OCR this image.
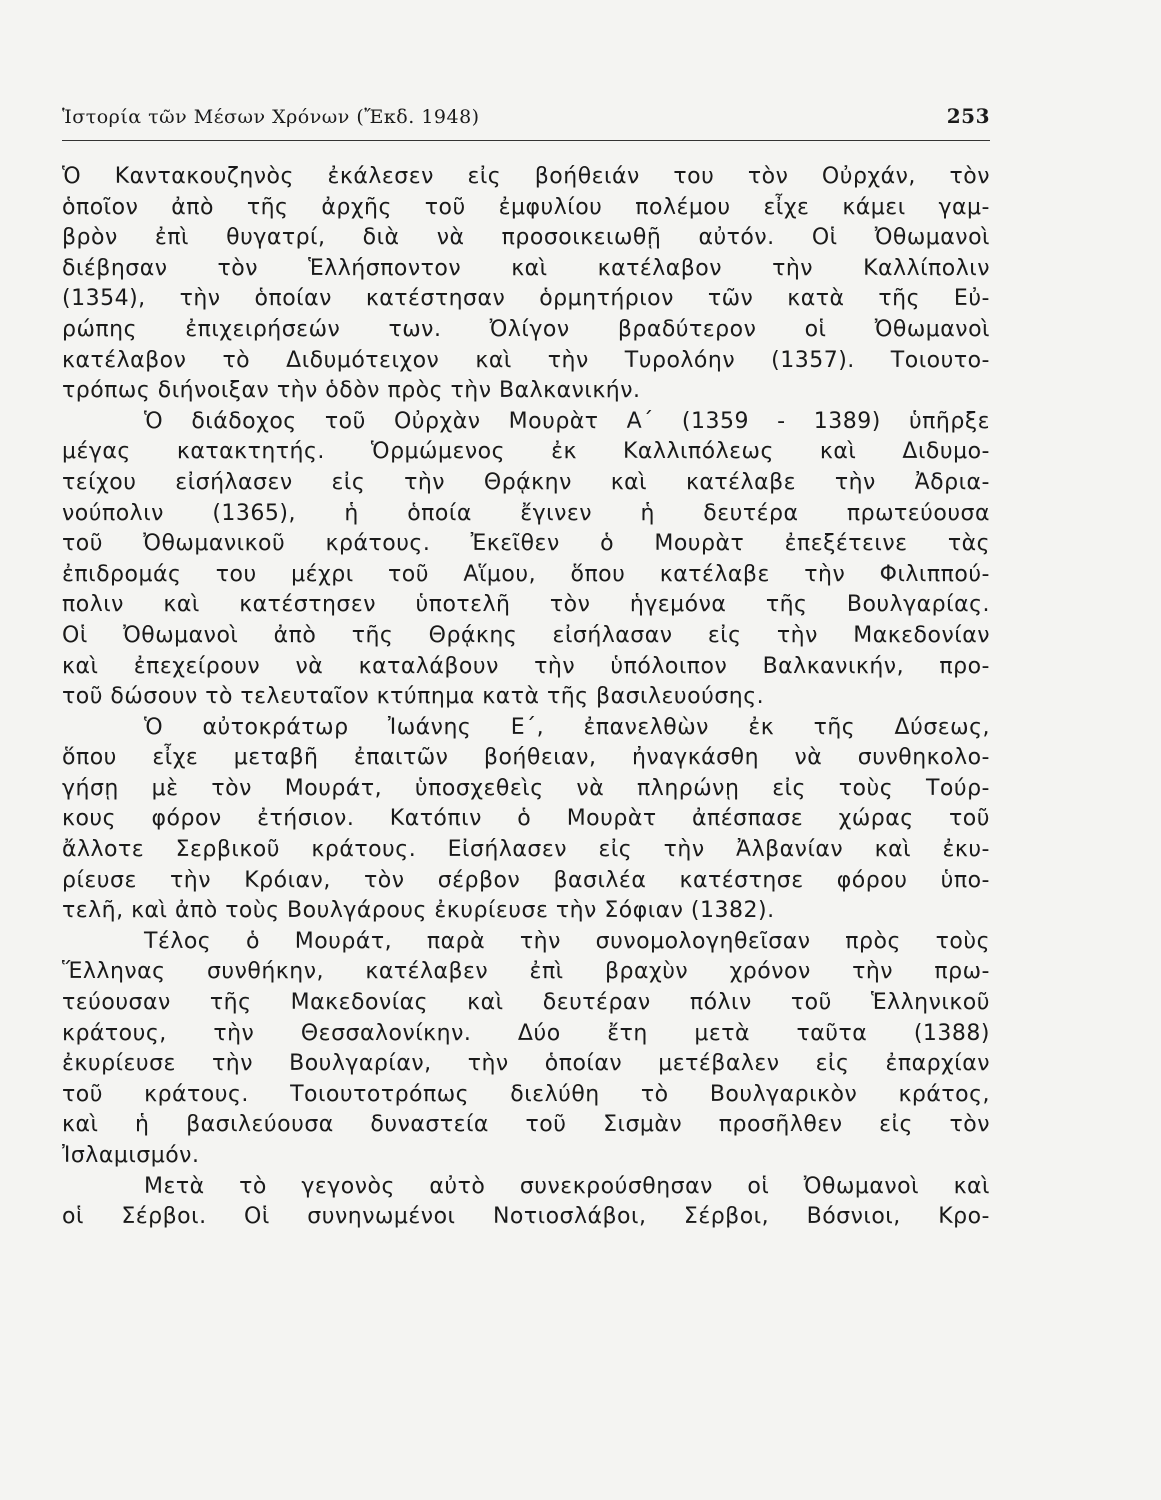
Ἱστορία τῶν Μέσων Χρόνων (Ἔκδ. 1948)	253
Ὁ Καντακουζηνὸς ἐκάλεσεν εἰς βοήθειάν του τὸν Οὐρχάν, τὸν
ὁποῖον ἀπὸ τῆς ἀρχῆς τοῦ ἐμφυλίου πολέμου εἶχε κάμει γαμ-
βρὸν ἐπὶ θυγατρί, διὰ νὰ προσοικειωθῇ αὐτόν. Οἱ Ὀθωμανοὶ
διέβησαν τὸν Ἑλλήσποντον καὶ κατέλαβον τὴν Καλλίπολιν
(1354), τὴν ὁποίαν κατέστησαν ὁρμητήριον τῶν κατὰ τῆς Εὐ-
ρώπης ἐπιχειρήσεών των. Ὀλίγον βραδύτερον οἱ Ὀθωμανοὶ
κατέλαβον τὸ Διδυμότειχον καὶ τὴν Τυρολόην (1357). Τοιουτο-
τρόπως διήνοιξαν τὴν ὁδὸν πρὸς τὴν Βαλκανικήν.
Ὁ διάδοχος τοῦ Οὐρχὰν Μουρὰτ Α΄ (1359 - 1389) ὑπῆρξε
μέγας κατακτητής. Ὁρμώμενος ἐκ Καλλιπόλεως καὶ Διδυμο-
τείχου εἰσήλασεν εἰς τὴν Θρᾴκην καὶ κατέλαβε τὴν Ἀδρια-
νούπολιν (1365), ἡ ὁποία ἔγινεν ἡ δευτέρα πρωτεύουσα
τοῦ Ὀθωμανικοῦ κράτους. Ἐκεῖθεν ὁ Μουρὰτ ἐπεξέτεινε τὰς
ἐπιδρομάς του μέχρι τοῦ Αἵμου, ὅπου κατέλαβε τὴν Φιλιππού-
πολιν καὶ κατέστησεν ὑποτελῆ τὸν ἡγεμόνα τῆς Βουλγαρίας.
Οἱ Ὀθωμανοὶ ἀπὸ τῆς Θρᾴκης εἰσήλασαν εἰς τὴν Μακεδονίαν
καὶ ἐπεχείρουν νὰ καταλάβουν τὴν ὑπόλοιπον Βαλκανικήν, προ-
τοῦ δώσουν τὸ τελευταῖον κτύπημα κατὰ τῆς βασιλευούσης.
Ὁ αὐτοκράτωρ Ἰωάνης Ε΄, ἐπανελθὼν ἐκ τῆς Δύσεως,
ὅπου εἶχε μεταβῆ ἐπαιτῶν βοήθειαν, ἠναγκάσθη νὰ συνθηκολο-
γήσῃ μὲ τὸν Μουράτ, ὑποσχεθεὶς νὰ πληρώνῃ εἰς τοὺς Τούρ-
κους φόρον ἐτήσιον. Κατόπιν ὁ Μουρὰτ ἀπέσπασε χώρας τοῦ
ἄλλοτε Σερβικοῦ κράτους. Εἰσήλασεν εἰς τὴν Ἀλβανίαν καὶ ἐκυ-
ρίευσε τὴν Κρόιαν, τὸν σέρβον βασιλέα κατέστησε φόρου ὑπο-
τελῆ, καὶ ἀπὸ τοὺς Βουλγάρους ἐκυρίευσε τὴν Σόφιαν (1382).
Τέλος ὁ Μουράτ, παρὰ τὴν συνομολογηθεῖσαν πρὸς τοὺς
Ἕλληνας συνθήκην, κατέλαβεν ἐπὶ βραχὺν χρόνον τὴν πρω-
τεύουσαν τῆς Μακεδονίας καὶ δευτέραν πόλιν τοῦ Ἑλληνικοῦ
κράτους, τὴν Θεσσαλονίκην. Δύο ἔτη μετὰ ταῦτα (1388)
ἐκυρίευσε τὴν Βουλγαρίαν, τὴν ὁποίαν μετέβαλεν εἰς ἐπαρχίαν
τοῦ κράτους. Τοιουτοτρόπως διελύθη τὸ Βουλγαρικὸν κράτος,
καὶ ἡ βασιλεύουσα δυναστεία τοῦ Σισμὰν προσῆλθεν εἰς τὸν
Ἰσλαμισμόν.
Μετὰ τὸ γεγονὸς αὐτὸ συνεκρούσθησαν οἱ Ὀθωμανοὶ καὶ
οἱ Σέρβοι. Οἱ συνηνωμένοι Νοτιοσλάβοι, Σέρβοι, Βόσνιοι, Κρο-
